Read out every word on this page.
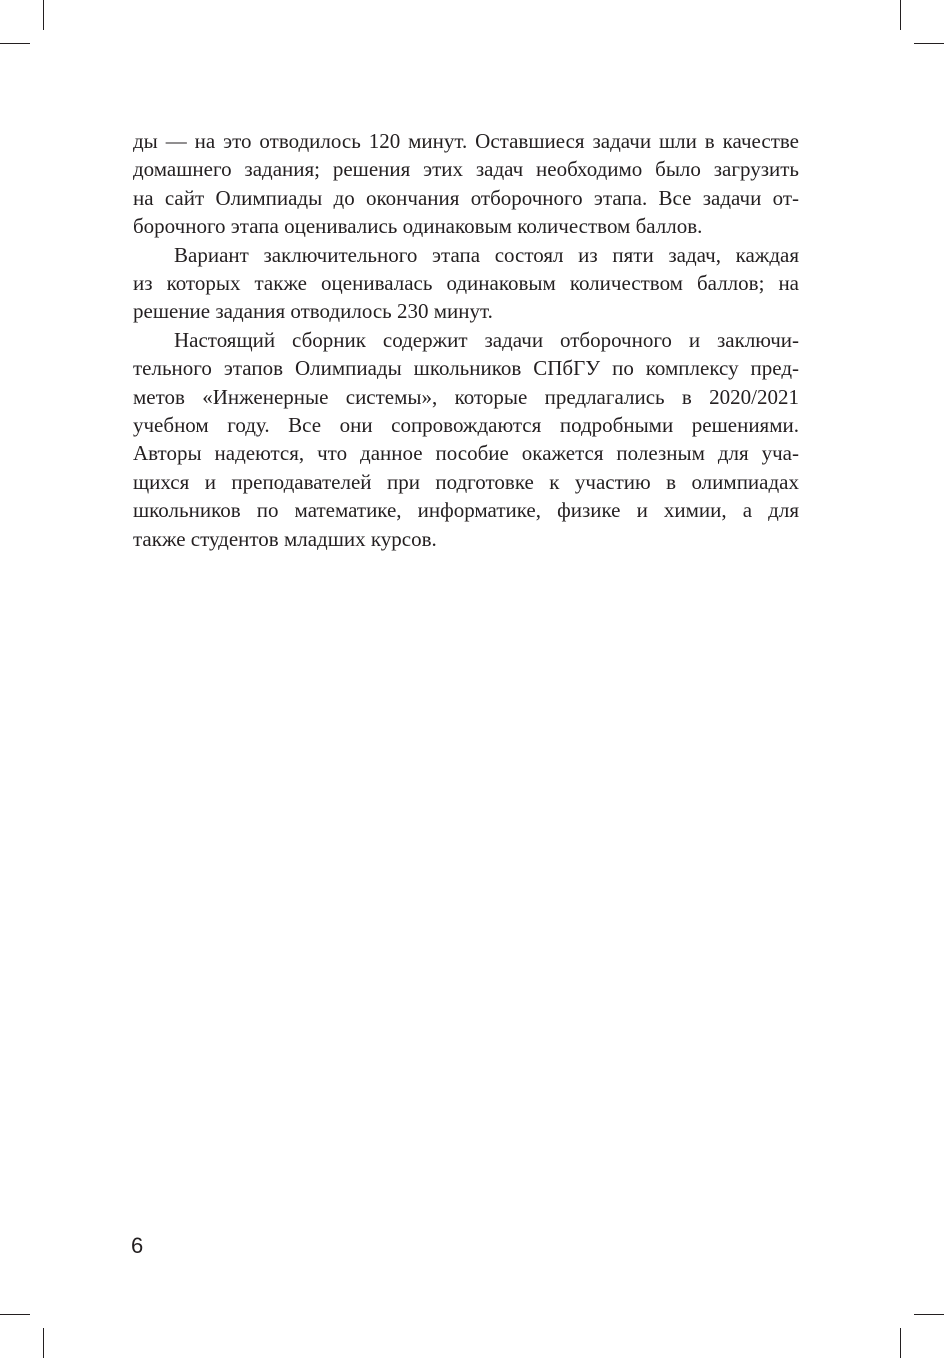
ды — на это отводилось 120 минут. Оставшиеся задачи шли в качестве
домашнего задания; решения этих задач необходимо было загрузить
на сайт Олимпиады до окончания отборочного этапа. Все задачи от-
борочного этапа оценивались одинаковым количеством баллов.

Вариант заключительного этапа состоял из пяти задач, каждая
из которых также оценивалась одинаковым количеством баллов; на
решение задания отводилось 230 минут.

Настоящий сборник содержит задачи отборочного и заключи-
тельного этапов Олимпиады школьников СПбГУ по комплексу пред-
метов «Инженерные системы», которые предлагались в 2020/2021
учебном году. Все они сопровождаются подробными решениями.
Авторы надеются, что данное пособие окажется полезным для уча-
щихся и преподавателей при подготовке к участию в олимпиадах
школьников по математике, информатике, физике и химии, а для
также студентов младших курсов.

6
